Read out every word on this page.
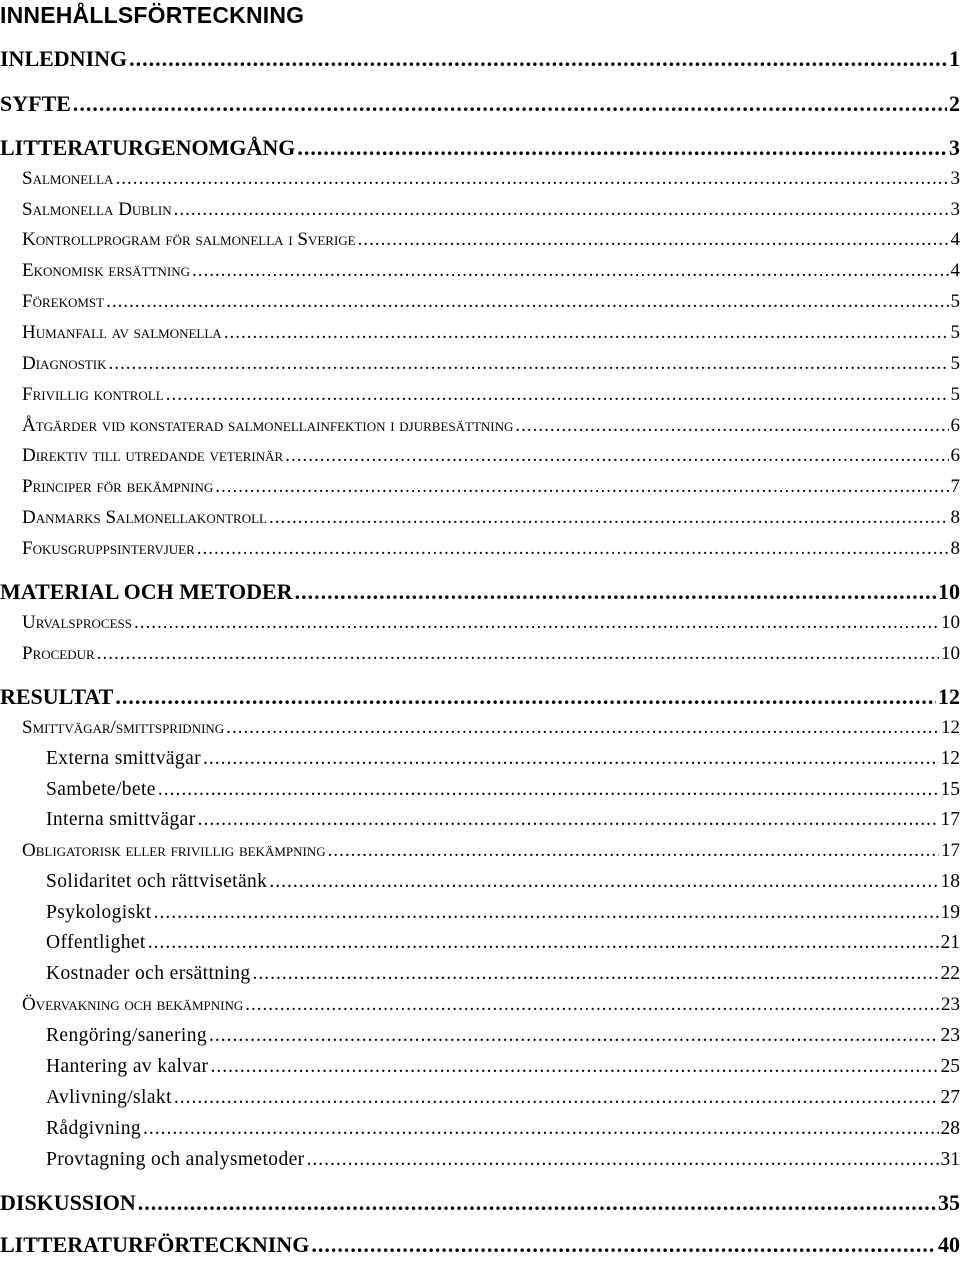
INNEHÅLLSFÖRTECKNING
INLEDNING .....	1
SYFTE .....	2
LITTERATURGENOMGÅNG .....	3
Salmonella .....	3
Salmonella Dublin .....	3
Kontrollprogram för salmonella i Sverige .....	4
Ekonomisk ersättning .....	4
Förekomst .....	5
Humanfall av salmonella .....	5
Diagnostik .....	5
Frivillig kontroll .....	5
Åtgärder vid konstaterad salmonellainfektion i djurbesättning .....	6
Direktiv till utredande veterinär .....	6
Principer för bekämpning .....	7
Danmarks Salmonellakontroll .....	8
Fokusgruppsintervjuer .....	8
MATERIAL OCH METODER .....	10
Urvalsprocess .....	10
Procedur .....	10
RESULTAT .....	12
Smittvägar/smittspridning .....	12
Externa smittvägar .....	12
Sambete/bete .....	15
Interna smittvägar .....	17
Obligatorisk eller frivillig bekämpning .....	17
Solidaritet och rättvisetänk .....	18
Psykologiskt .....	19
Offentlighet .....	21
Kostnader och ersättning .....	22
Övervakning och bekämpning .....	23
Rengöring/sanering .....	23
Hantering av kalvar .....	25
Avlivning/slakt .....	27
Rådgivning .....	28
Provtagning och analysmetoder .....	31
DISKUSSION .....	35
LITTERATURFÖRTECKNING .....	40
